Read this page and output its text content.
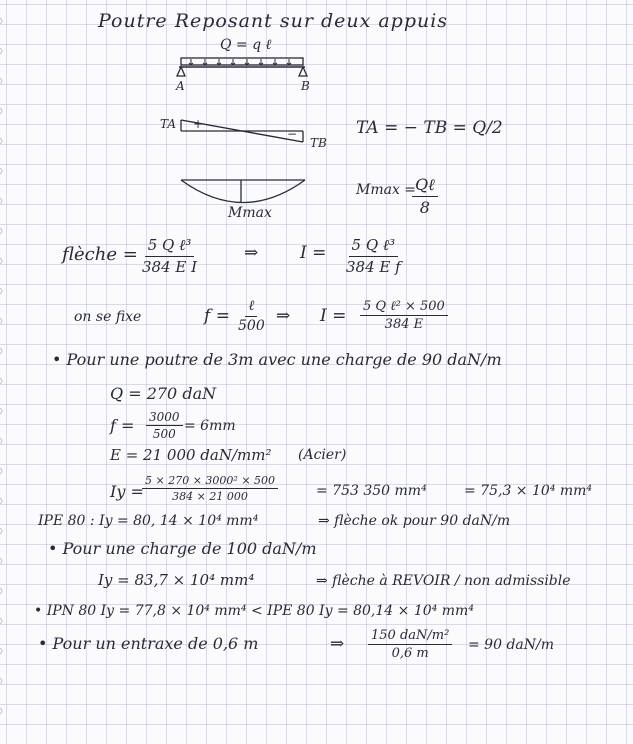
Poutre Reposant sur deux appuis
Q = q ℓ
A	B
TA +
−
TB
TA = − TB = Q/2
Mmax
Mmax =
Qℓ
8
flèche = 5 Q ℓ³
384 E I
⇒ I = 5 Q ℓ³
384 E f
on se fixe	f = ℓ
500 ⇒ I = 5 Q ℓ² × 500
384 E
• Pour une poutre de 3m avec une charge de 90 daN/m
Q = 270 daN
$f = \frac{3000}{500} = 6mm$
E = 21 000 daN/mm² (Acier)
Iy =
$\frac{\text{5 × 270 × 3000² × 500}}{384 \times 21 000}$	= 753 350 mm⁴	= 75,3 × 10⁴ mm⁴
IPE 80 : Iy = 80, 14 × 10⁴ mm⁴	⇒ flèche ok pour 90 daN/m
• Pour une charge de 100 daN/m
Iy = 83,7 × 10⁴ mm⁴	⇒ flèche à REVOIR / non admissible
• IPN 80 Iy = 77,8 × 10⁴ mm⁴ < IPE 80 Iy = 80,14 × 10⁴ mm⁴
• Pour un entraxe de 0,6 m	⇒ 150 daN/m²
0,6 m
= 90 daN/m
